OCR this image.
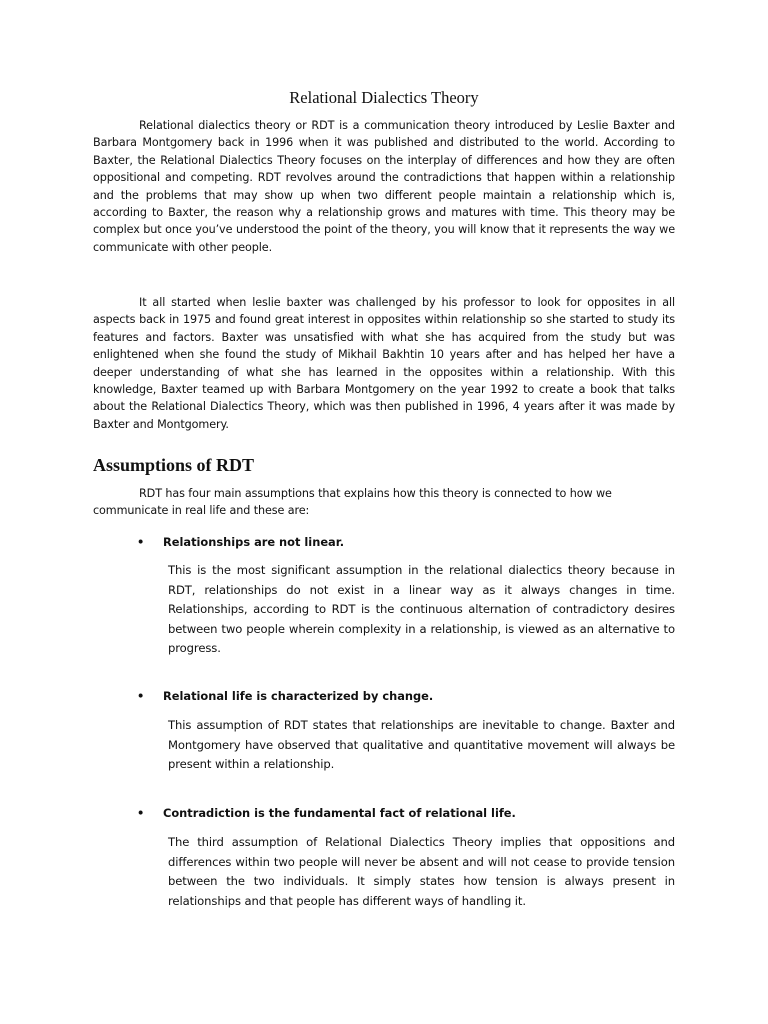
Relational Dialectics Theory

Relational dialectics theory or RDT is a communication theory introduced by Leslie Baxter and Barbara Montgomery back in 1996 when it was published and distributed to the world. According to Baxter, the Relational Dialectics Theory focuses on the interplay of differences and how they are often oppositional and competing. RDT revolves around the contradictions that happen within a relationship and the problems that may show up when two different people maintain a relationship which is, according to Baxter, the reason why a relationship grows and matures with time. This theory may be complex but once you’ve understood the point of the theory, you will know that it represents the way we communicate with other people.

It all started when leslie baxter was challenged by his professor to look for opposites in all aspects back in 1975 and found great interest in opposites within relationship so she started to study its features and factors. Baxter was unsatisfied with what she has acquired from the study but was enlightened when she found the study of Mikhail Bakhtin 10 years after and has helped her have a deeper understanding of what she has learned in the opposites within a relationship. With this knowledge, Baxter teamed up with Barbara Montgomery on the year 1992 to create a book that talks about the Relational Dialectics Theory, which was then published in 1996, 4 years after it was made by Baxter and Montgomery.

Assumptions of RDT

RDT has four main assumptions that explains how this theory is connected to how we communicate in real life and these are:

• Relationships are not linear.

This is the most significant assumption in the relational dialectics theory because in RDT, relationships do not exist in a linear way as it always changes in time. Relationships, according to RDT is the continuous alternation of contradictory desires between two people wherein complexity in a relationship, is viewed as an alternative to progress.

• Relational life is characterized by change.

This assumption of RDT states that relationships are inevitable to change. Baxter and Montgomery have observed that qualitative and quantitative movement will always be present within a relationship.

• Contradiction is the fundamental fact of relational life.

The third assumption of Relational Dialectics Theory implies that oppositions and differences within two people will never be absent and will not cease to provide tension between the two individuals. It simply states how tension is always present in relationships and that people has different ways of handling it.
